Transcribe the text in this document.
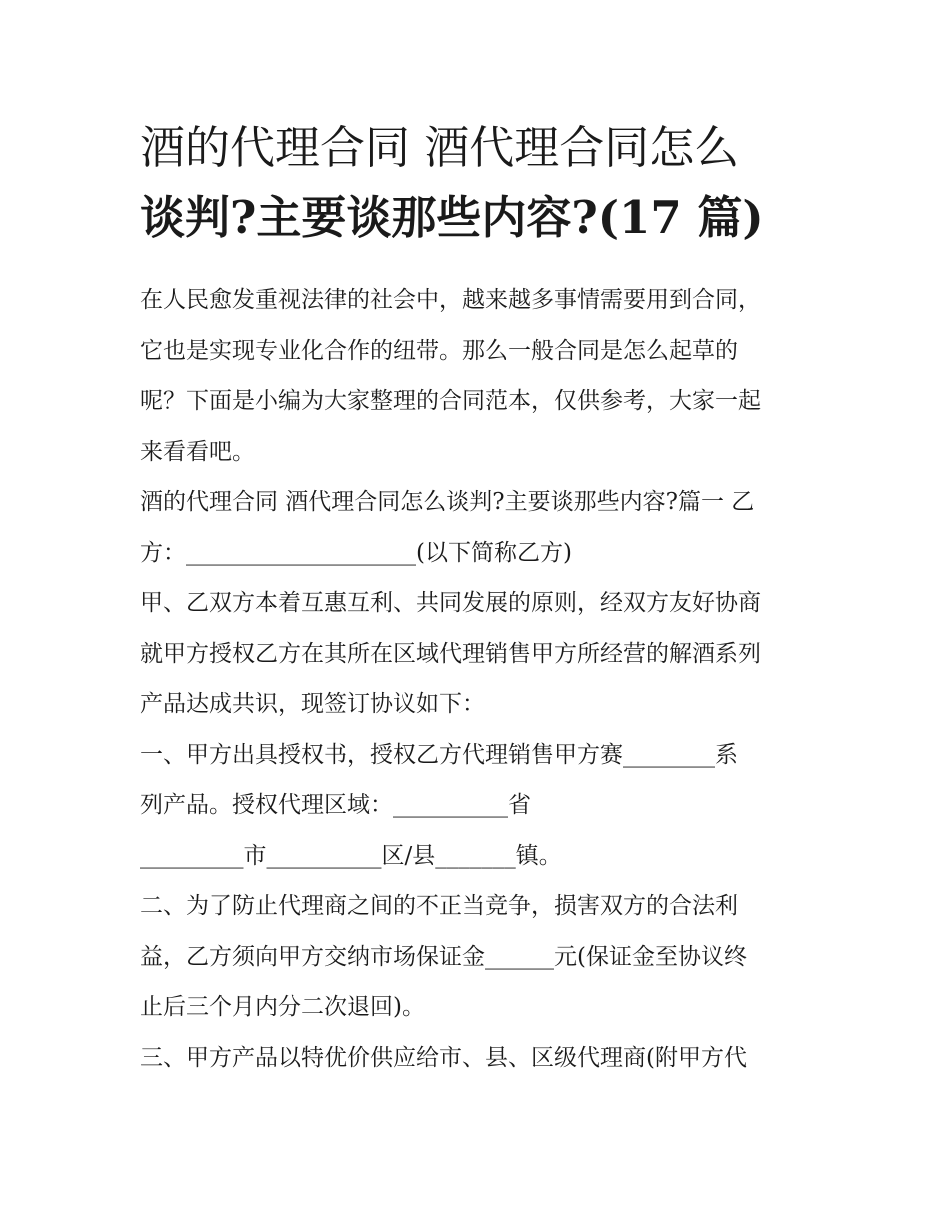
酒的代理合同 酒代理合同怎么
谈判?主要谈那些内容?(17 篇)

在人民愈发重视法律的社会中，越来越多事情需要用到合同，

它也是实现专业化合作的纽带。那么一般合同是怎么起草的

呢？下面是小编为大家整理的合同范本，仅供参考，大家一起

来看看吧。

酒的代理合同 酒代理合同怎么谈判?主要谈那些内容?篇一 乙

方：____________________(以下简称乙方)

甲、乙双方本着互惠互利、共同发展的原则，经双方友好协商

就甲方授权乙方在其所在区域代理销售甲方所经营的解酒系列

产品达成共识，现签订协议如下：

一、甲方出具授权书，授权乙方代理销售甲方赛________系

列产品。授权代理区域：__________省

_________市__________区/县_______镇。

二、为了防止代理商之间的不正当竞争，损害双方的合法利

益，乙方须向甲方交纳市场保证金______元(保证金至协议终

止后三个月内分二次退回)。

三、甲方产品以特优价供应给市、县、区级代理商(附甲方代
